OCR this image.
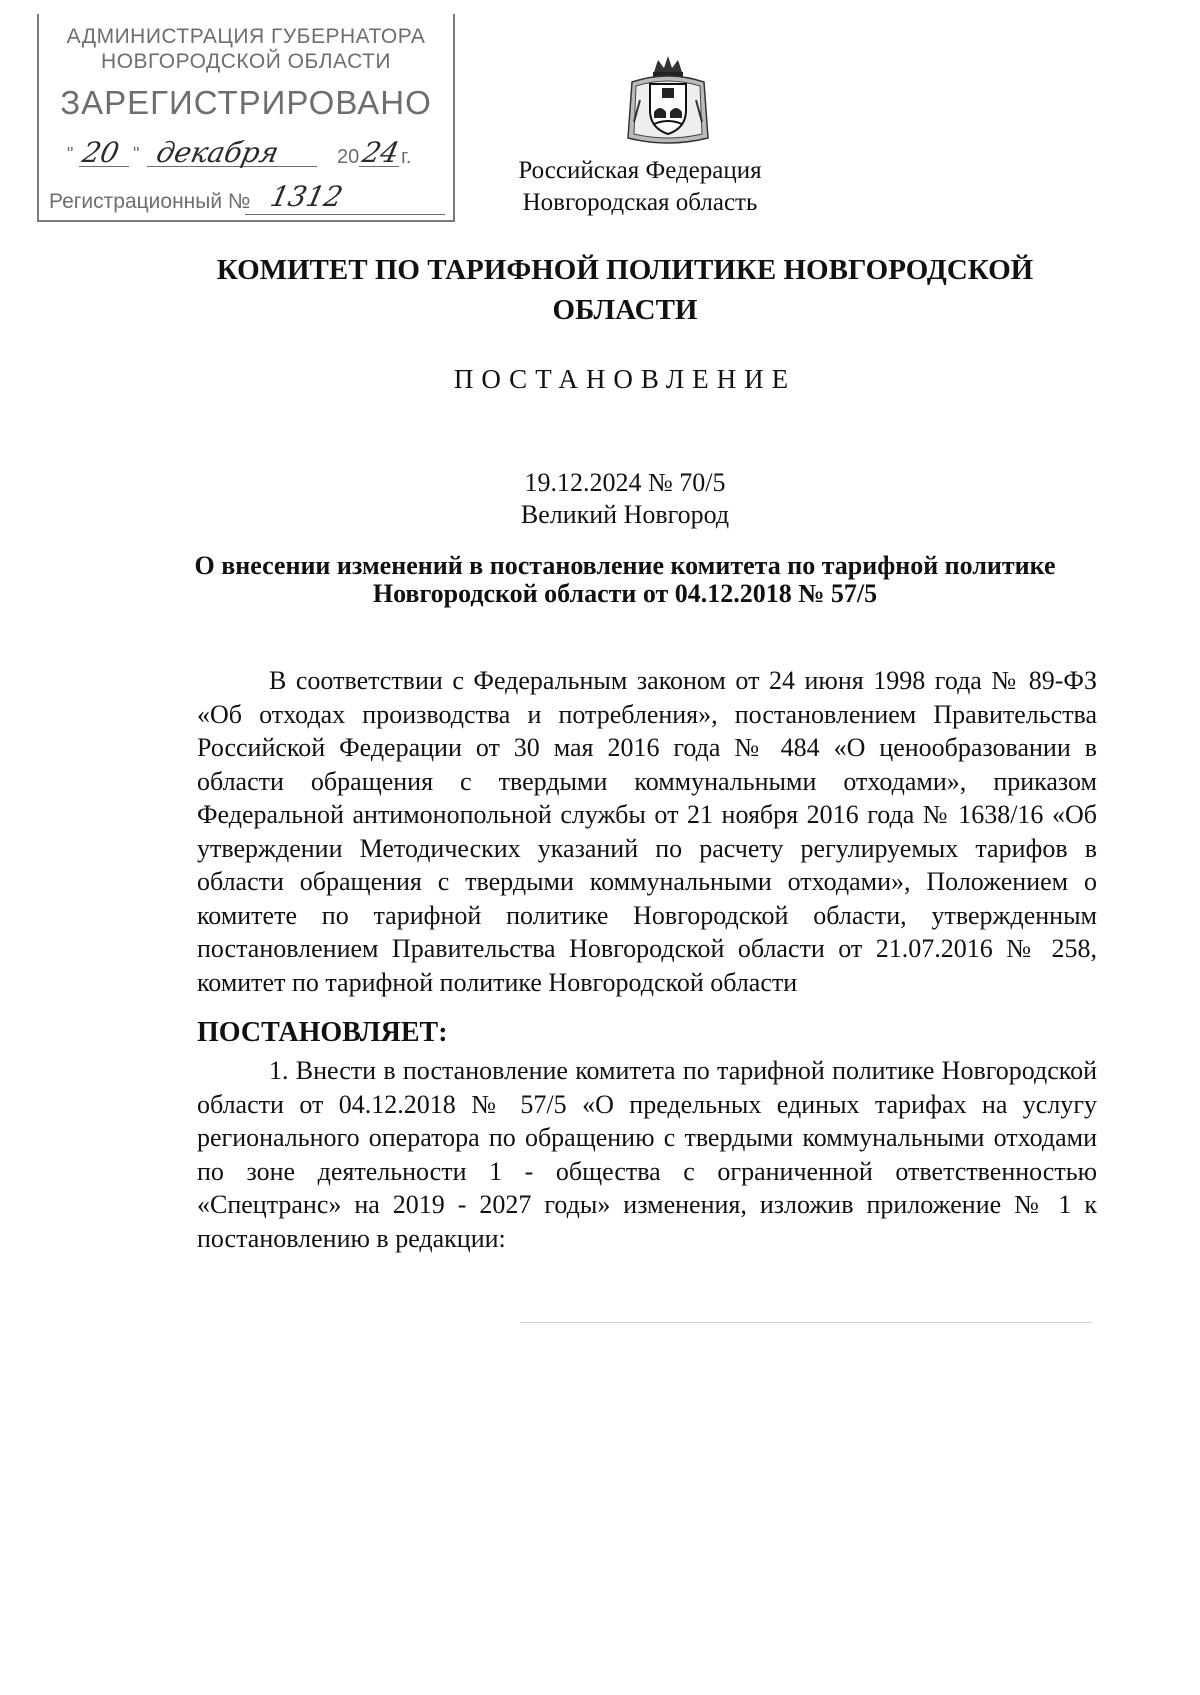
АДМИНИСТРАЦИЯ ГУБЕРНАТОРА
НОВГОРОДСКОЙ ОБЛАСТИ
ЗАРЕГИСТРИРОВАНО
" 20 " декабря	20 24
г.
Регистрационный № 1312
Российская Федерация
Новгородская область
КОМИТЕТ ПО ТАРИФНОЙ ПОЛИТИКЕ НОВГОРОДСКОЙ ОБЛАСТИ
ПОСТАНОВЛЕНИЕ
19.12.2024 № 70/5
Великий Новгород
О внесении изменений в постановление комитета по тарифной политике Новгородской области от 04.12.2018 № 57/5

В соответствии с Федеральным законом от 24 июня 1998 года № 89-ФЗ «Об отходах производства и потребления», постановлением Правительства Российской Федерации от 30 мая 2016 года № 484 «О ценообразовании в области обращения с твердыми коммунальными отходами», приказом Федеральной антимонопольной службы от 21 ноября 2016 года № 1638/16 «Об утверждении Методических указаний по расчету регулируемых тарифов в области обращения с твердыми коммунальными отходами», Положением о комитете по тарифной политике Новгородской области, утвержденным постановлением Правительства Новгородской области от 21.07.2016 № 258, комитет по тарифной политике Новгородской области

ПОСТАНОВЛЯЕТ:

1. Внести в постановление комитета по тарифной политике Новгородской области от 04.12.2018 № 57/5 «О предельных единых тарифах на услугу регионального оператора по обращению с твердыми коммунальными отходами по зоне деятельности 1 - общества с ограниченной ответственностью «Спецтранс» на 2019 - 2027 годы» изменения, изложив приложение № 1 к постановлению в редакции:
